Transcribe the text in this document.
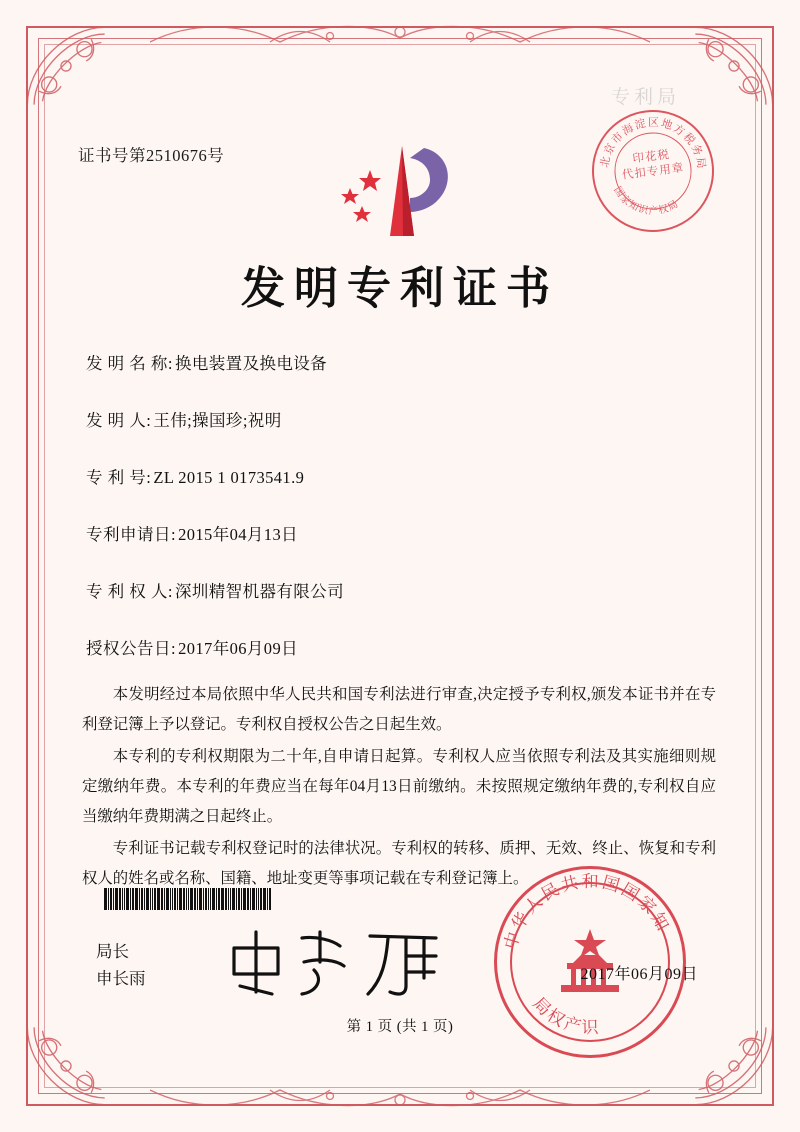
证书号第2510676号
专利局
北京市海淀区地方税务局
国家知识产权局
印花税
代扣专用章
发明专利证书
发 明 名 称: 换电装置及换电设备
发 明 人: 王伟;操国珍;祝明
专 利 号: ZL 2015 1 0173541.9
专利申请日: 2015年04月13日
专 利 权 人: 深圳精智机器有限公司
授权公告日: 2017年06月09日

本发明经过本局依照中华人民共和国专利法进行审查,决定授予专利权,颁发本证书并在专利登记簿上予以登记。专利权自授权公告之日起生效。

本专利的专利权期限为二十年,自申请日起算。专利权人应当依照专利法及其实施细则规定缴纳年费。本专利的年费应当在每年04月13日前缴纳。未按照规定缴纳年费的,专利权自应当缴纳年费期满之日起终止。

专利证书记载专利权登记时的法律状况。专利权的转移、质押、无效、终止、恢复和专利权人的姓名或名称、国籍、地址变更等事项记载在专利登记簿上。

局长
申长雨
中华人民共和国国家知
局权产识
2017年06月09日
第 1 页 (共 1 页)
